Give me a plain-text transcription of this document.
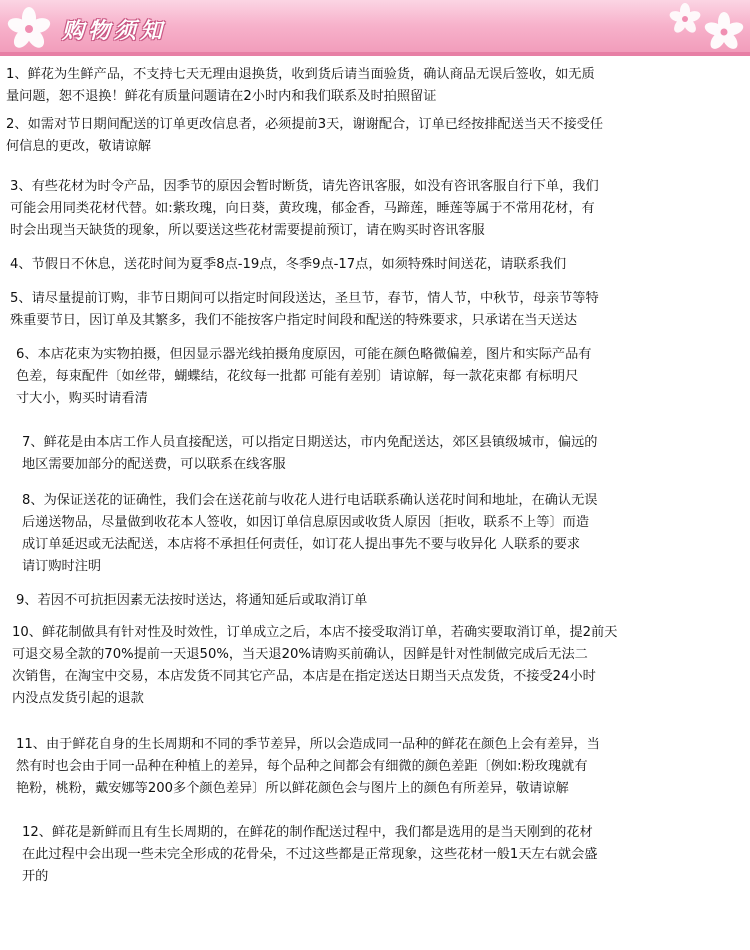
购物须知
1、鲜花为生鲜产品，不支持七天无理由退换货，收到货后请当面验货，确认商品无误后签收，如无质
量问题，恕不退换！鲜花有质量问题请在2小时内和我们联系及时拍照留证
2、如需对节日期间配送的订单更改信息者，必须提前3天，谢谢配合，订单已经按排配送当天不接受任
何信息的更改，敬请谅解
3、有些花材为时令产品，因季节的原因会暂时断货，请先咨讯客服，如没有咨讯客服自行下单，我们
可能会用同类花材代替。如:紫玫瑰，向日葵，黄玫瑰，郁金香，马蹄莲，睡莲等属于不常用花材，有
时会出现当天缺货的现象，所以要送这些花材需要提前预订，请在购买时咨讯客服
4、节假日不休息，送花时间为夏季8点-19点，冬季9点-17点，如须特殊时间送花，请联系我们
5、请尽量提前订购，非节日期间可以指定时间段送达，圣旦节，春节，情人节，中秋节，母亲节等特
殊重要节日，因订单及其繁多，我们不能按客户指定时间段和配送的特殊要求，只承诺在当天送达
6、本店花束为实物拍摄，但因显示器光线拍摄角度原因，可能在颜色略微偏差，图片和实际产品有
色差，每束配件〔如丝带，蝴蝶结，花纹每一批都 可能有差别〕请谅解，每一款花束都 有标明尺
寸大小，购买时请看清
7、鲜花是由本店工作人员直接配送，可以指定日期送达，市内免配送达，郊区县镇级城市，偏远的
地区需要加部分的配送费，可以联系在线客服
8、为保证送花的证确性，我们会在送花前与收花人进行电话联系确认送花时间和地址，在确认无误
后递送物品，尽量做到收花本人签收，如因订单信息原因或收货人原因〔拒收，联系不上等〕而造
成订单延迟或无法配送，本店将不承担任何责任，如订花人提出事先不要与收异化 人联系的要求
请订购时注明
9、若因不可抗拒因素无法按时送达，将通知延后或取消订单
10、鲜花制做具有针对性及时效性，订单成立之后，本店不接受取消订单，若确实要取消订单，提2前天
可退交易全款的70%提前一天退50%，当天退20%请购买前确认，因鲜是针对性制做完成后无法二
次销售，在淘宝中交易，本店发货不同其它产品，本店是在指定送达日期当天点发货，不接受24小时
内没点发货引起的退款
11、由于鲜花自身的生长周期和不同的季节差异，所以会造成同一品种的鲜花在颜色上会有差异，当
然有时也会由于同一品种在种植上的差异，每个品种之间都会有细微的颜色差距〔例如:粉玫瑰就有
艳粉，桃粉，戴安娜等200多个颜色差异〕所以鲜花颜色会与图片上的颜色有所差异，敬请谅解
12、鲜花是新鲜而且有生长周期的，在鲜花的制作配送过程中，我们都是选用的是当天刚到的花材
在此过程中会出现一些未完全形成的花骨朵，不过这些都是正常现象，这些花材一般1天左右就会盛
开的
